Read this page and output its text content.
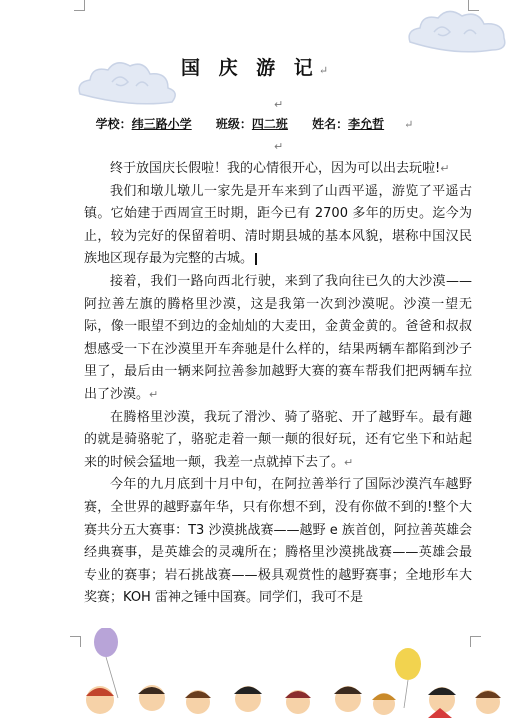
国 庆 游 记↵
↵
学校：纬三路小学 班级：四二班 姓名：李允哲 ↵
↵

终于放国庆长假啦！我的心情很开心，因为可以出去玩啦!↵

我们和墩儿墩儿一家先是开车来到了山西平遥，游览了平遥古镇。它始建于西周宣王时期，距今已有 2700 多年的历史。迄今为止，较为完好的保留着明、清时期县城的基本风貌，堪称中国汉民族地区现存最为完整的古城。

接着，我们一路向西北行驶，来到了我向往已久的大沙漠——阿拉善左旗的腾格里沙漠，这是我第一次到沙漠呢。沙漠一望无际，像一眼望不到边的金灿灿的大麦田，金黄金黄的。爸爸和叔叔想感受一下在沙漠里开车奔驰是什么样的，结果两辆车都陷到沙子里了，最后由一辆来阿拉善参加越野大赛的赛车帮我们把两辆车拉出了沙漠。↵

在腾格里沙漠，我玩了滑沙、骑了骆驼、开了越野车。最有趣的就是骑骆驼了，骆驼走着一颠一颠的很好玩，还有它坐下和站起来的时候会猛地一颠，我差一点就掉下去了。↵

今年的九月底到十月中旬，在阿拉善举行了国际沙漠汽车越野赛，全世界的越野嘉年华，只有你想不到，没有你做不到的!整个大赛共分五大赛事：T3 沙漠挑战赛——越野 e 族首创，阿拉善英雄会经典赛事，是英雄会的灵魂所在；腾格里沙漠挑战赛——英雄会最专业的赛事；岩石挑战赛——极具观赏性的越野赛事；全地形车大奖赛；KOH 雷神之锤中国赛。同学们，我可不是
